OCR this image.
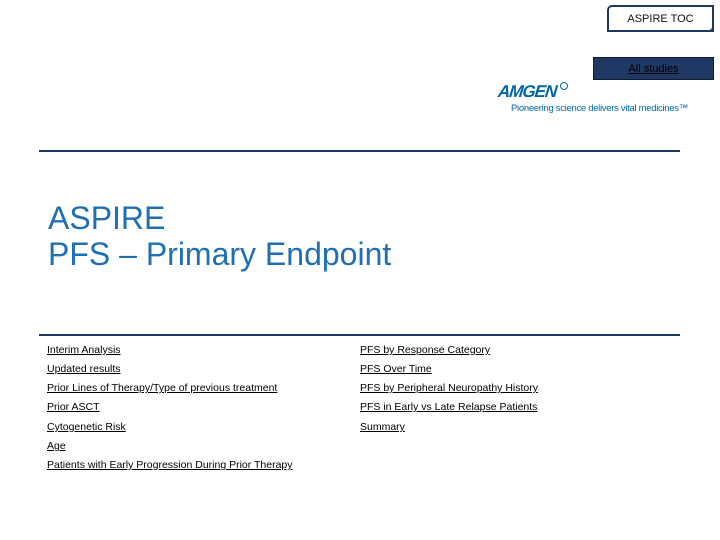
ASPIRE TOC
All studies
AMGEN
Pioneering science delivers vital medicines™
ASPIRE
PFS – Primary Endpoint
Interim Analysis
Updated results
Prior Lines of Therapy/Type of previous treatment
Prior ASCT
Cytogenetic Risk
Age
Patients with Early Progression During Prior Therapy
PFS by Response Category
PFS Over Time
PFS by Peripheral Neuropathy History
PFS in Early vs Late Relapse Patients
Summary
